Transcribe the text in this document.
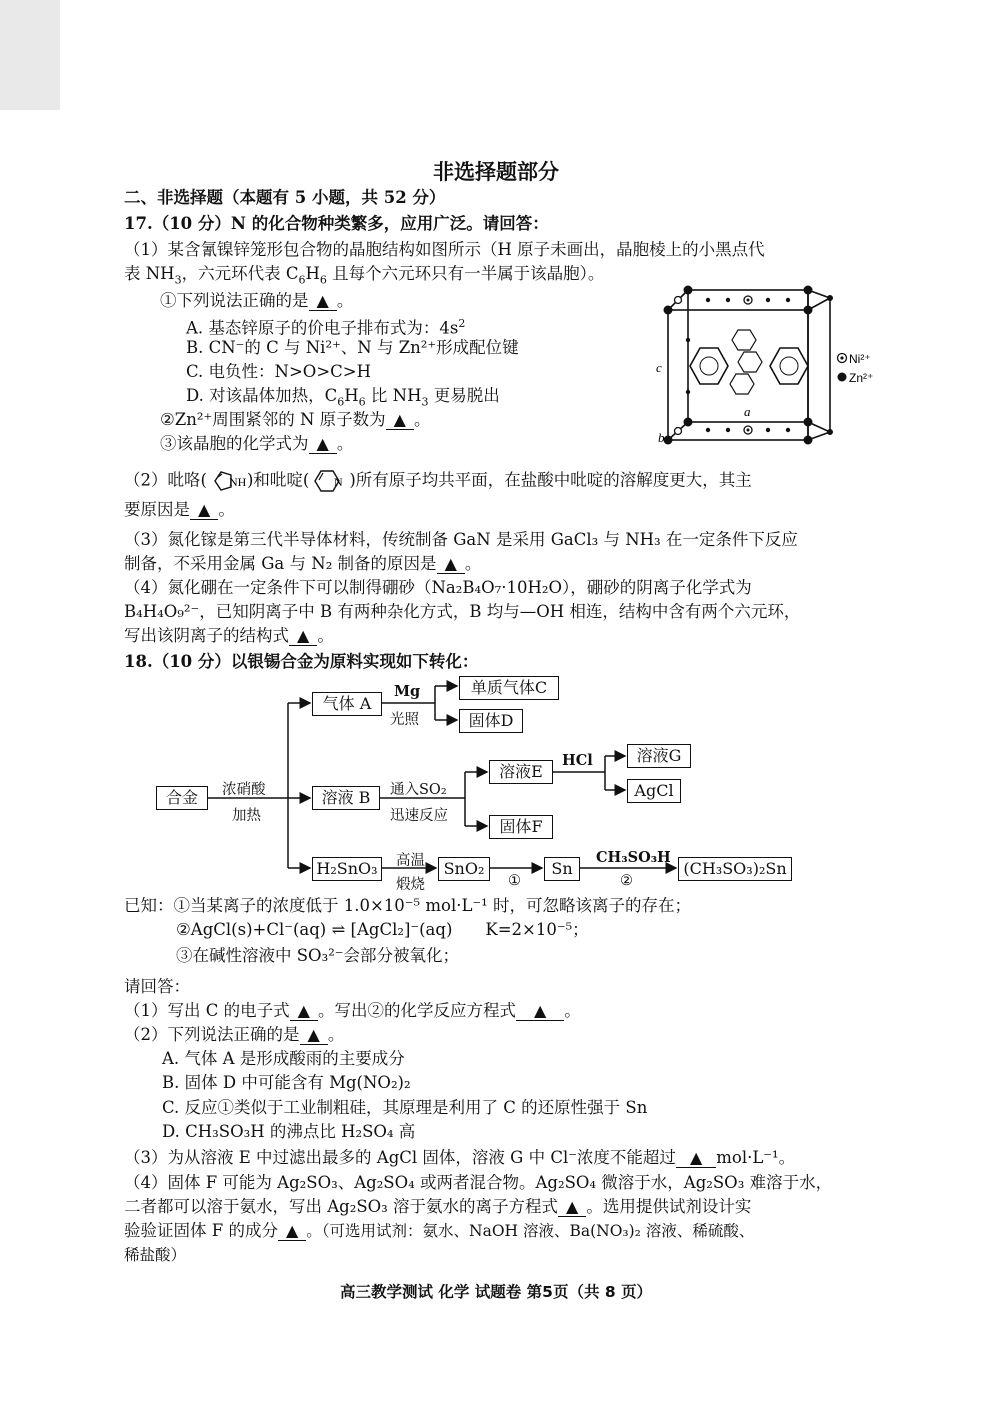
非选择题部分
二、非选择题（本题有 5 小题，共 52 分）
17.（10 分）N 的化合物种类繁多，应用广泛。请回答：
（1）某含氰镍锌笼形包合物的晶胞结构如图所示（H 原子未画出，晶胞棱上的小黑点代
表 $NH_3$，六元环代表 $C_6H_6$ 且每个六元环只有一半属于该晶胞）。
①下列说法正确的是 ▲ 。
A. 基态锌原子的价电子排布式为：$4s^2$
B. CN⁻的 C 与 Ni²⁺、N 与 Zn²⁺形成配位键
C. 电负性：N>O>C>H
D. 对该晶体加热，$C_6H_6$ 比 $NH_3$ 更易脱出
②Zn²⁺周围紧邻的 N 原子数为 ▲ 。
③该晶胞的化学式为 ▲ 。
c
a
b
Ni²⁺
Zn²⁺
（2）吡咯( NH )和吡啶( N )所有原子均共平面，在盐酸中吡啶的溶解度更大，其主
要原因是 ▲ 。
（3）氮化镓是第三代半导体材料，传统制备 GaN 是采用 GaCl₃ 与 NH₃ 在一定条件下反应
制备，不采用金属 Ga 与 N₂ 制备的原因是 ▲ 。
（4）氮化硼在一定条件下可以制得硼砂（Na₂B₄O₇·10H₂O），硼砂的阴离子化学式为
B₄H₄O₉²⁻，已知阴离子中 B 有两种杂化方式，B 均与—OH 相连，结构中含有两个六元环，
写出该阴离子的结构式 ▲ 。
18.（10 分）以银锡合金为原料实现如下转化：
合金	浓硝酸
加热
气体 A
Mg
光照
单质气体C
固体D
溶液 B	通入SO₂
迅速反应
溶液E
HCl	溶液G
AgCl
固体F
H₂SnO₃	高温
煅烧
SnO₂
①
Sn
CH₃SO₃H
②
(CH₃SO₃)₂Sn
已知：①当某离子的浓度低于 1.0×10⁻⁵ mol·L⁻¹ 时，可忽略该离子的存在；
②AgCl(s)+Cl⁻(aq) ⇌ [AgCl₂]⁻(aq)　　K=2×10⁻⁵；
③在碱性溶液中 SO₃²⁻会部分被氧化；
请回答：
（1）写出 C 的电子式 ▲ 。写出②的化学反应方程式 ▲ 。
（2）下列说法正确的是 ▲ 。
A. 气体 A 是形成酸雨的主要成分
B. 固体 D 中可能含有 Mg(NO₂)₂
C. 反应①类似于工业制粗硅，其原理是利用了 C 的还原性强于 Sn
D. CH₃SO₃H 的沸点比 H₂SO₄ 高
（3）为从溶液 E 中过滤出最多的 AgCl 固体，溶液 G 中 Cl⁻浓度不能超过 ▲ mol·L⁻¹。
（4）固体 F 可能为 Ag₂SO₃、Ag₂SO₄ 或两者混合物。Ag₂SO₄ 微溶于水，Ag₂SO₃ 难溶于水，
二者都可以溶于氨水，写出 Ag₂SO₃ 溶于氨水的离子方程式 ▲ 。选用提供试剂设计实
验验证固体 F 的成分 ▲ 。（可选用试剂：氨水、NaOH 溶液、Ba(NO₃)₂ 溶液、稀硫酸、
稀盐酸）
高三教学测试 化学 试题卷 第5页（共 8 页）
